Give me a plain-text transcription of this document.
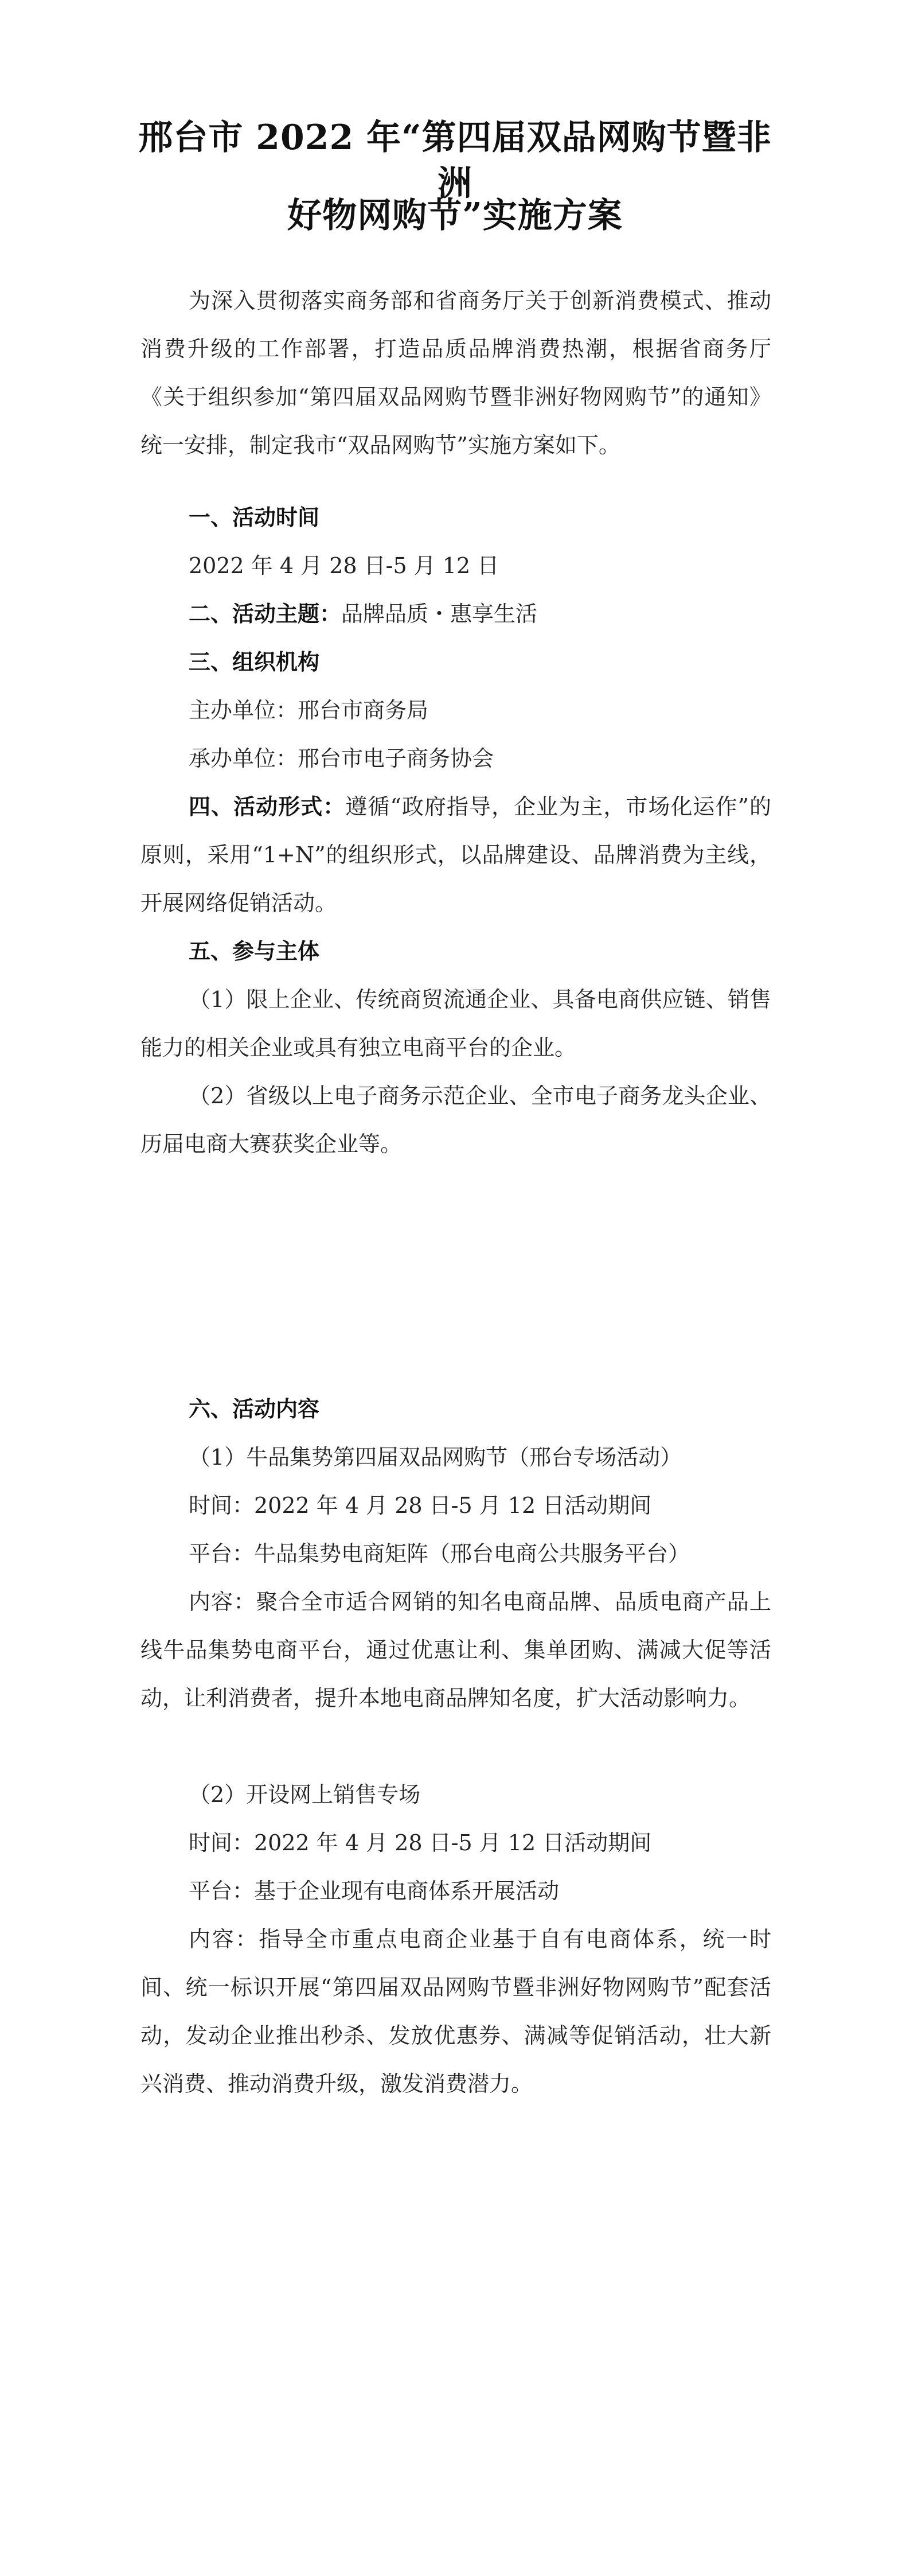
邢台市 2022 年“第四届双品网购节暨非洲
好物网购节”实施方案

为深入贯彻落实商务部和省商务厅关于创新消费模式、推动消费升级的工作部署，打造品质品牌消费热潮，根据省商务厅《关于组织参加“第四届双品网购节暨非洲好物网购节”的通知》统一安排，制定我市“双品网购节”实施方案如下。

一、活动时间

2022 年 4 月 28 日-5 月 12 日

二、活动主题：品牌品质・惠享生活

三、组织机构

主办单位：邢台市商务局

承办单位：邢台市电子商务协会

四、活动形式：遵循“政府指导，企业为主，市场化运作”的原则，采用“1+N”的组织形式，以品牌建设、品牌消费为主线，开展网络促销活动。

五、参与主体

（1）限上企业、传统商贸流通企业、具备电商供应链、销售能力的相关企业或具有独立电商平台的企业。

（2）省级以上电子商务示范企业、全市电子商务龙头企业、历届电商大赛获奖企业等。

六、活动内容

（1）牛品集势第四届双品网购节（邢台专场活动）

时间：2022 年 4 月 28 日-5 月 12 日活动期间

平台：牛品集势电商矩阵（邢台电商公共服务平台）

内容：聚合全市适合网销的知名电商品牌、品质电商产品上线牛品集势电商平台，通过优惠让利、集单团购、满减大促等活动，让利消费者，提升本地电商品牌知名度，扩大活动影响力。

（2）开设网上销售专场

时间：2022 年 4 月 28 日-5 月 12 日活动期间

平台：基于企业现有电商体系开展活动

内容：指导全市重点电商企业基于自有电商体系，统一时间、统一标识开展“第四届双品网购节暨非洲好物网购节”配套活动，发动企业推出秒杀、发放优惠券、满减等促销活动，壮大新兴消费、推动消费升级，激发消费潜力。
